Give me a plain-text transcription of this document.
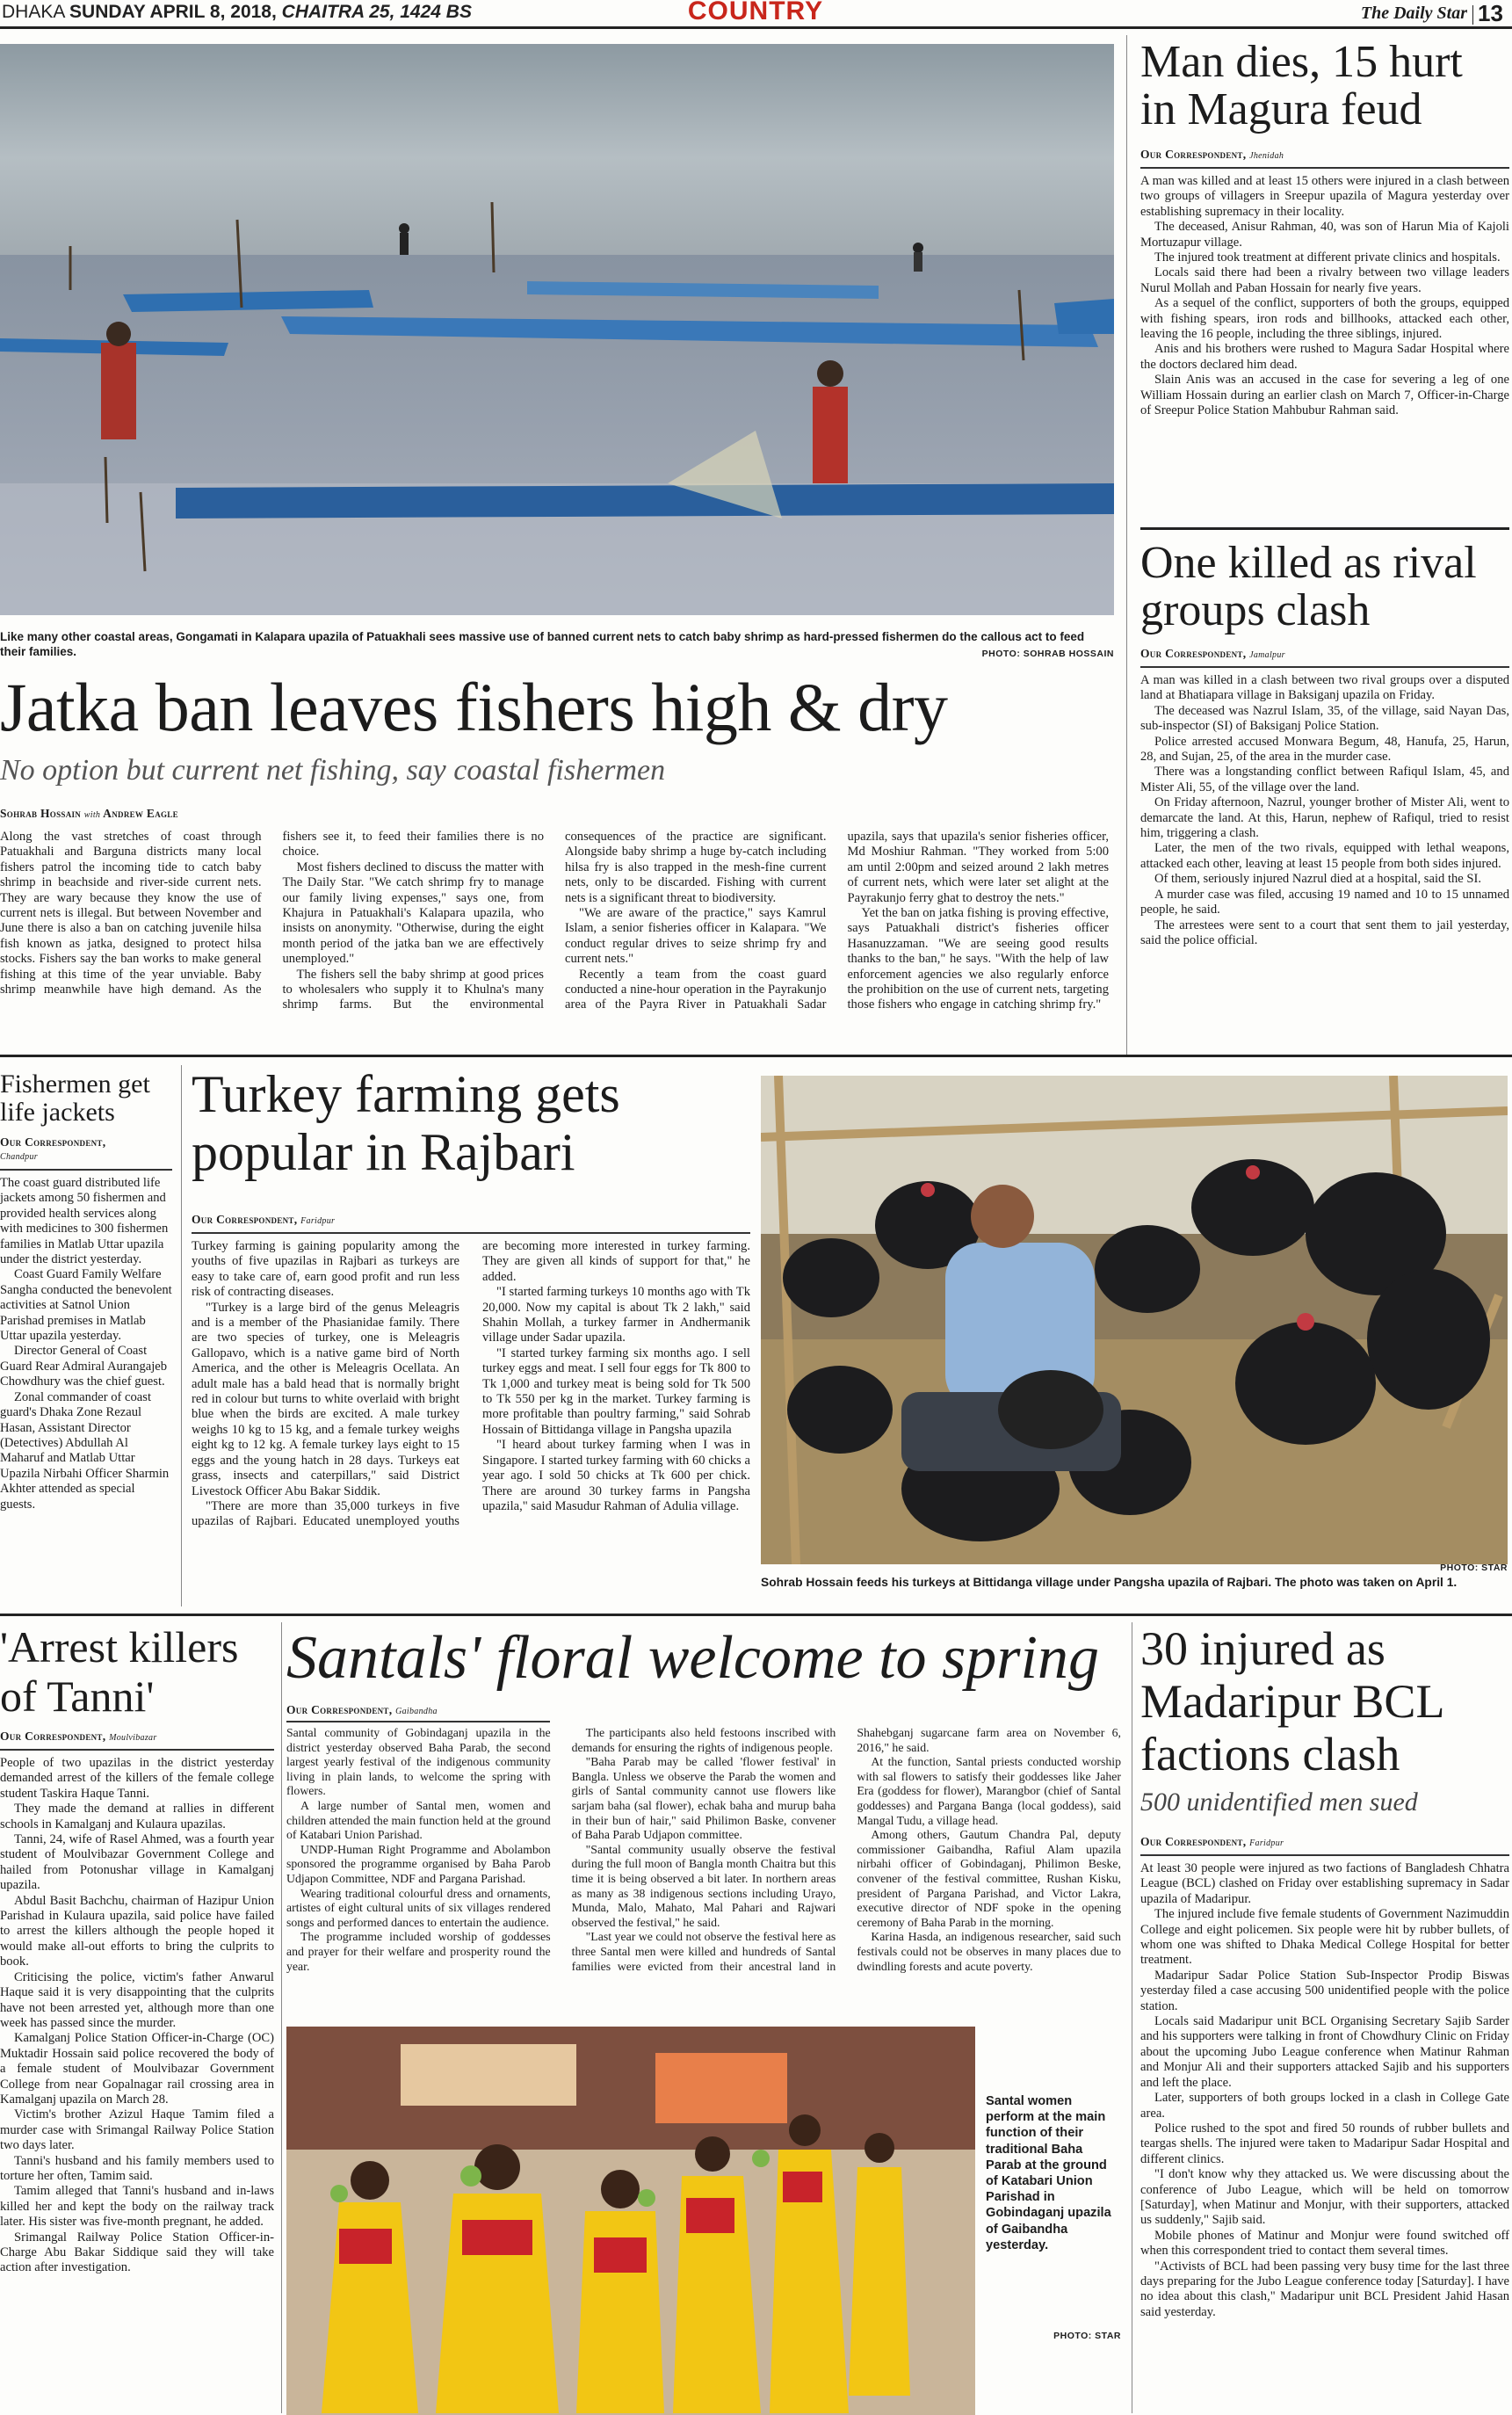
DHAKA SUNDAY APRIL 8, 2018, CHAITRA 25, 1424 BS	COUNTRY	The Daily Star 13
Like many other coastal areas, Gongamati in Kalapara upazila of Patuakhali sees massive use of banned current nets to catch baby shrimp as hard-pressed fishermen do the callous act to feed their families.	PHOTO: SOHRAB HOSSAIN
Jatka ban leaves fishers high & dry
No option but current net fishing, say coastal fishermen
Sohrab Hossain with Andrew Eagle

Along the vast stretches of coast through Patuakhali and Barguna districts many local fishers patrol the incoming tide to catch baby shrimp in beachside and river-side current nets. They are wary because they know the use of current nets is illegal. But between November and June there is also a ban on catching juvenile hilsa fish known as jatka, designed to protect hilsa stocks. Fishers say the ban works to make general fishing at this time of the year unviable. Baby shrimp meanwhile have high demand. As the fishers see it, to feed their families there is no choice.

Most fishers declined to discuss the matter with The Daily Star. "We catch shrimp fry to manage our family living expenses," says one, from Khajura in Patuakhali's Kalapara upazila, who insists on anonymity. "Otherwise, during the eight month period of the jatka ban we are effectively unemployed."

The fishers sell the baby shrimp at good prices to wholesalers who supply it to Khulna's many shrimp farms. But the environmental consequences of the practice are significant. Alongside baby shrimp a huge by-catch including hilsa fry is also trapped in the mesh-fine current nets, only to be discarded. Fishing with current nets is a significant threat to biodiversity.

"We are aware of the practice," says Kamrul Islam, a senior fisheries officer in Kalapara. "We conduct regular drives to seize shrimp fry and current nets."

Recently a team from the coast guard conducted a nine-hour operation in the Payrakunjo area of the Payra River in Patuakhali Sadar upazila, says that upazila's senior fisheries officer, Md Moshiur Rahman. "They worked from 5:00 am until 2:00pm and seized around 2 lakh metres of current nets, which were later set alight at the Payrakunjo ferry ghat to destroy the nets."

Yet the ban on jatka fishing is proving effective, says Patuakhali district's fisheries officer Hasanuzzaman. "We are seeing good results thanks to the ban," he says. "With the help of law enforcement agencies we also regularly enforce the prohibition on the use of current nets, targeting those fishers who engage in catching shrimp fry."

Man dies, 15 hurt in Magura feud
Our Correspondent, Jhenidah

A man was killed and at least 15 others were injured in a clash between two groups of villagers in Sreepur upazila of Magura yesterday over establishing supremacy in their locality.

The deceased, Anisur Rahman, 40, was son of Harun Mia of Kajoli Mortuzapur village.

The injured took treatment at different private clinics and hospitals.

Locals said there had been a rivalry between two village leaders Nurul Mollah and Paban Hossain for nearly five years.

As a sequel of the conflict, supporters of both the groups, equipped with fishing spears, iron rods and billhooks, attacked each other, leaving the 16 people, including the three siblings, injured.

Anis and his brothers were rushed to Magura Sadar Hospital where the doctors declared him dead.

Slain Anis was an accused in the case for severing a leg of one William Hossain during an earlier clash on March 7, Officer-in-Charge of Sreepur Police Station Mahbubur Rahman said.

One killed as rival groups clash
Our Correspondent, Jamalpur

A man was killed in a clash between two rival groups over a disputed land at Bhatiapara village in Baksiganj upazila on Friday.

The deceased was Nazrul Islam, 35, of the village, said Nayan Das, sub-inspector (SI) of Baksiganj Police Station.

Police arrested accused Monwara Begum, 48, Hanufa, 25, Harun, 28, and Sujan, 25, of the area in the murder case.

There was a longstanding conflict between Rafiqul Islam, 45, and Mister Ali, 55, of the village over the land.

On Friday afternoon, Nazrul, younger brother of Mister Ali, went to demarcate the land. At this, Harun, nephew of Rafiqul, tried to resist him, triggering a clash.

Later, the men of the two rivals, equipped with lethal weapons, attacked each other, leaving at least 15 people from both sides injured.

Of them, seriously injured Nazrul died at a hospital, said the SI.

A murder case was filed, accusing 19 named and 10 to 15 unnamed people, he said.

The arrestees were sent to a court that sent them to jail yesterday, said the police official.

Fishermen get life jackets
Our Correspondent,
Chandpur

The coast guard distributed life jackets among 50 fishermen and provided health services along with medicines to 300 fishermen families in Matlab Uttar upazila under the district yesterday.

Coast Guard Family Welfare Sangha conducted the benevolent activities at Satnol Union Parishad premises in Matlab Uttar upazila yesterday.

Director General of Coast Guard Rear Admiral Aurangajeb Chowdhury was the chief guest.

Zonal commander of coast guard's Dhaka Zone Rezaul Hasan, Assistant Director (Detectives) Abdullah Al Maharuf and Matlab Uttar Upazila Nirbahi Officer Sharmin Akhter attended as special guests.

Turkey farming gets popular in Rajbari
Our Correspondent, Faridpur

Turkey farming is gaining popularity among the youths of five upazilas in Rajbari as turkeys are easy to take care of, earn good profit and run less risk of contracting diseases.

"Turkey is a large bird of the genus Meleagris and is a member of the Phasianidae family. There are two species of turkey, one is Meleagris Gallopavo, which is a native game bird of North America, and the other is Meleagris Ocellata. An adult male has a bald head that is normally bright red in colour but turns to white overlaid with bright blue when the birds are excited. A male turkey weighs 10 kg to 15 kg, and a female turkey weighs eight kg to 12 kg. A female turkey lays eight to 15 eggs and the young hatch in 28 days. Turkeys eat grass, insects and caterpillars," said District Livestock Officer Abu Bakar Siddik.

"There are more than 35,000 turkeys in five upazilas of Rajbari. Educated unemployed youths are becoming more interested in turkey farming. They are given all kinds of support for that," he added.

"I started farming turkeys 10 months ago with Tk 20,000. Now my capital is about Tk 2 lakh," said Shahin Mollah, a turkey farmer in Andhermanik village under Sadar upazila.

"I started turkey farming six months ago. I sell turkey eggs and meat. I sell four eggs for Tk 800 to Tk 1,000 and turkey meat is being sold for Tk 500 to Tk 550 per kg in the market. Turkey farming is more profitable than poultry farming," said Sohrab Hossain of Bittidanga village in Pangsha upazila

"I heard about turkey farming when I was in Singapore. I started turkey farming with 60 chicks a year ago. I sold 50 chicks at Tk 600 per chick. There are around 30 turkey farms in Pangsha upazila," said Masudur Rahman of Adulia village.

Sohrab Hossain feeds his turkeys at Bittidanga village under Pangsha upazila of Rajbari. The photo was taken on April 1.
PHOTO: STAR
'Arrest killers of Tanni'
Our Correspondent, Moulvibazar

People of two upazilas in the district yesterday demanded arrest of the killers of the female college student Taskira Haque Tanni.

They made the demand at rallies in different schools in Kamalganj and Kulaura upazilas.

Tanni, 24, wife of Rasel Ahmed, was a fourth year student of Moulvibazar Government College and hailed from Potonushar village in Kamalganj upazila.

Abdul Basit Bachchu, chairman of Hazipur Union Parishad in Kulaura upazila, said police have failed to arrest the killers although the people hoped it would make all-out efforts to bring the culprits to book.

Criticising the police, victim's father Anwarul Haque said it is very disappointing that the culprits have not been arrested yet, although more than one week has passed since the murder.

Kamalganj Police Station Officer-in-Charge (OC) Muktadir Hossain said police recovered the body of a female student of Moulvibazar Government College from near Gopalnagar rail crossing area in Kamalganj upazila on March 28.

Victim's brother Azizul Haque Tamim filed a murder case with Srimangal Railway Police Station two days later.

Tanni's husband and his family members used to torture her often, Tamim said.

Tamim alleged that Tanni's husband and in-laws killed her and kept the body on the railway track later. His sister was five-month pregnant, he added.

Srimangal Railway Police Station Officer-in-Charge Abu Bakar Siddique said they will take action after investigation.

Santals' floral welcome to spring
Our Correspondent, Gaibandha

Santal community of Gobindaganj upazila in the district yesterday observed Baha Parab, the second largest yearly festival of the indigenous community living in plain lands, to welcome the spring with flowers.

A large number of Santal men, women and children attended the main function held at the ground of Katabari Union Parishad.

UNDP-Human Right Programme and Abolambon sponsored the programme organised by Baha Parob Udjapon Committee, NDF and Pargana Parishad.

Wearing traditional colourful dress and ornaments, artistes of eight cultural units of six villages rendered songs and performed dances to entertain the audience.

The programme included worship of goddesses and prayer for their welfare and prosperity round the year.

The participants also held festoons inscribed with demands for ensuring the rights of indigenous people.

"Baha Parab may be called 'flower festival' in Bangla. Unless we observe the Parab the women and girls of Santal community cannot use flowers like sarjam baha (sal flower), echak baha and murup baha in their bun of hair," said Philimon Baske, convener of Baha Parab Udjapon committee.

"Santal community usually observe the festival during the full moon of Bangla month Chaitra but this time it is being observed a bit later. In northern areas as many as 38 indigenous sections including Urayo, Munda, Malo, Mahato, Mal Pahari and Rajwari observed the festival," he said.

"Last year we could not observe the festival here as three Santal men were killed and hundreds of Santal families were evicted from their ancestral land in Shahebganj sugarcane farm area on November 6, 2016," he said.

At the function, Santal priests conducted worship with sal flowers to satisfy their goddesses like Jaher Era (goddess for flower), Marangbor (chief of Santal goddesses) and Pargana Banga (local goddess), said Mangal Tudu, a village head.

Among others, Gautum Chandra Pal, deputy commissioner Gaibandha, Rafiul Alam upazila nirbahi officer of Gobindaganj, Philimon Beske, convener of the festival committee, Rushan Kisku, president of Pargana Parishad, and Victor Lakra, executive director of NDF spoke in the opening ceremony of Baha Parab in the morning.

Karina Hasda, an indigenous researcher, said such festivals could not be observes in many places due to dwindling forests and acute poverty.

Santal women perform at the main function of their traditional Baha Parab at the ground of Katabari Union Parishad in Gobindaganj upazila of Gaibandha yesterday.
PHOTO: STAR
30 injured as Madaripur BCL factions clash
500 unidentified men sued
Our Correspondent, Faridpur

At least 30 people were injured as two factions of Bangladesh Chhatra League (BCL) clashed on Friday over establishing supremacy in Sadar upazila of Madaripur.

The injured include five female students of Government Nazimuddin College and eight policemen. Six people were hit by rubber bullets, of whom one was shifted to Dhaka Medical College Hospital for better treatment.

Madaripur Sadar Police Station Sub-Inspector Prodip Biswas yesterday filed a case accusing 500 unidentified people with the police station.

Locals said Madaripur unit BCL Organising Secretary Sajib Sarder and his supporters were talking in front of Chowdhury Clinic on Friday about the upcoming Jubo League conference when Matinur Rahman and Monjur Ali and their supporters attacked Sajib and his supporters and left the place.

Later, supporters of both groups locked in a clash in College Gate area.

Police rushed to the spot and fired 50 rounds of rubber bullets and teargas shells. The injured were taken to Madaripur Sadar Hospital and different clinics.

"I don't know why they attacked us. We were discussing about the conference of Jubo League, which will be held on tomorrow [Saturday], when Matinur and Monjur, with their supporters, attacked us suddenly," Sajib said.

Mobile phones of Matinur and Monjur were found switched off when this correspondent tried to contact them several times.

"Activists of BCL had been passing very busy time for the last three days preparing for the Jubo League conference today [Saturday]. I have no idea about this clash," Madaripur unit BCL President Jahid Hasan said yesterday.
